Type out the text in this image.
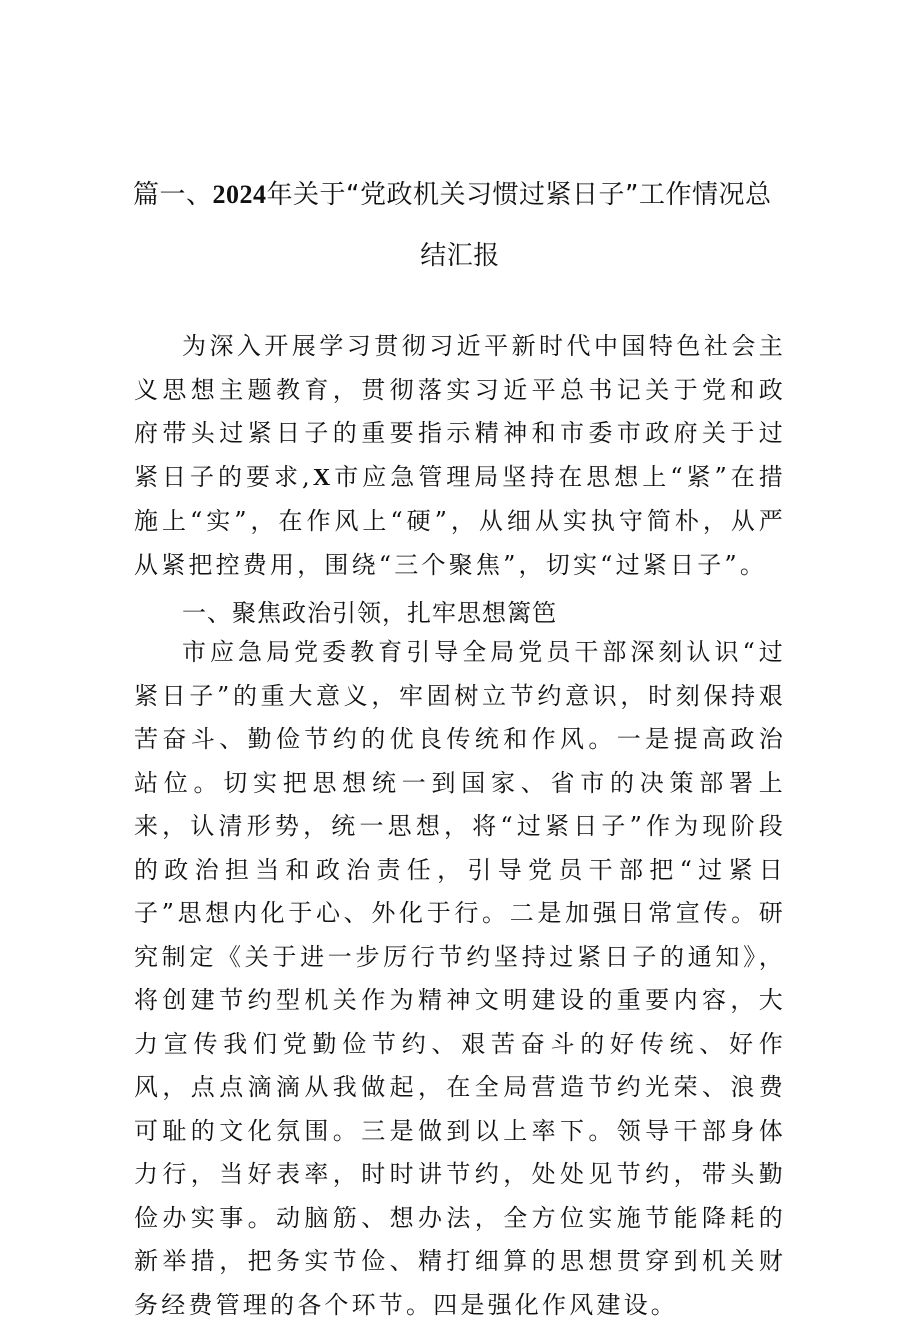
篇一、2024年关于“党政机关习惯过紧日子”工作情况总
结汇报

为深入开展学习贯彻习近平新时代中国特色社会主义思想主题教育，贯彻落实习近平总书记关于党和政府带头过紧日子的重要指示精神和市委市政府关于过紧日子的要求,X市应急管理局坚持在思想上“紧”在措施上“实”，在作风上“硬”，从细从实执守简朴，从严从紧把控费用，围绕“三个聚焦”，切实“过紧日子”。

一、聚焦政治引领，扎牢思想篱笆

市应急局党委教育引导全局党员干部深刻认识“过紧日子”的重大意义，牢固树立节约意识，时刻保持艰苦奋斗、勤俭节约的优良传统和作风。一是提高政治站位。切实把思想统一到国家、省市的决策部署上来，认清形势，统一思想，将“过紧日子”作为现阶段的政治担当和政治责任，引导党员干部把“过紧日子”思想内化于心、外化于行。二是加强日常宣传。研究制定《关于进一步厉行节约坚持过紧日子的通知》，将创建节约型机关作为精神文明建设的重要内容，大力宣传我们党勤俭节约、艰苦奋斗的好传统、好作风，点点滴滴从我做起，在全局营造节约光荣、浪费可耻的文化氛围。三是做到以上率下。领导干部身体力行，当好表率，时时讲节约，处处见节约，带头勤俭办实事。动脑筋、想办法，全方位实施节能降耗的新举措，把务实节俭、精打细算的思想贯穿到机关财务经费管理的各个环节。四是强化作风建设。
